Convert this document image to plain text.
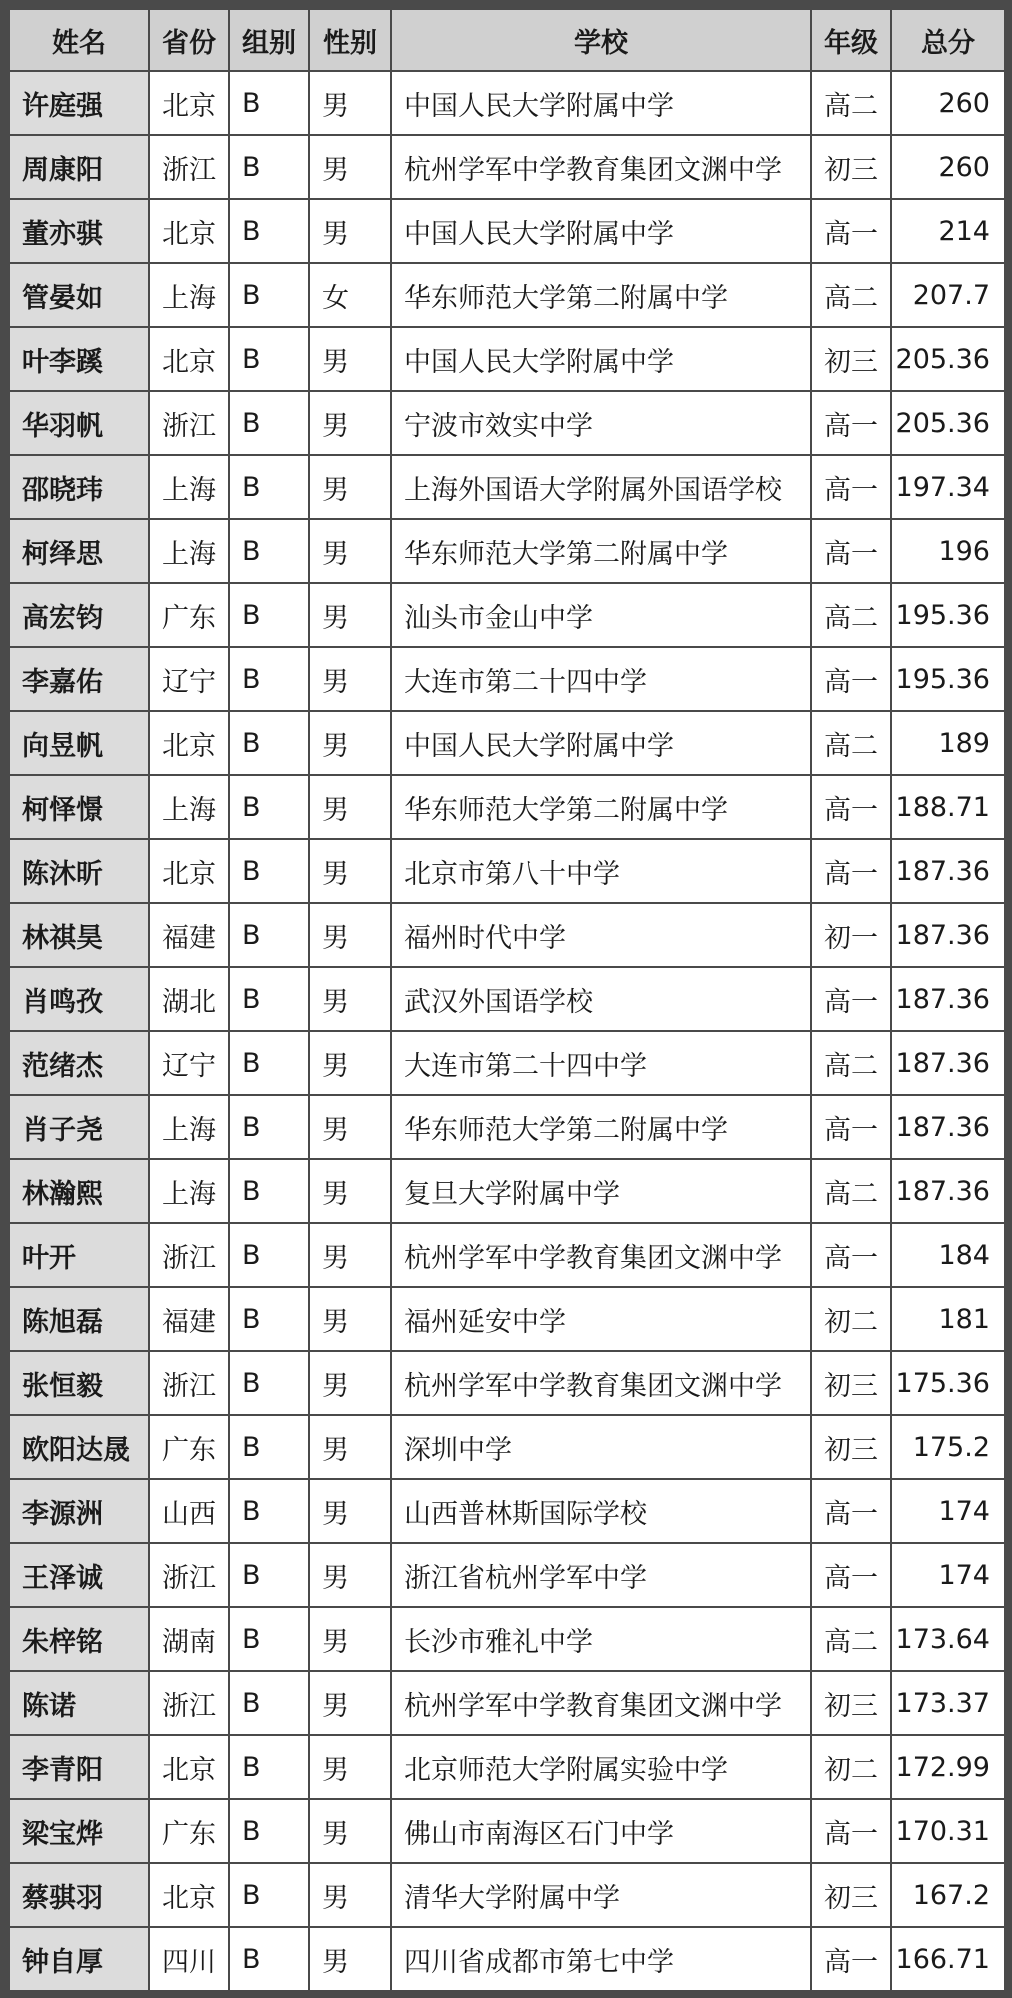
姓名	省份	组别	性别	学校	年级	总分
许庭强	北京	B	男	中国人民大学附属中学	高二	260
周康阳	浙江	B	男	杭州学军中学教育集团文渊中学	初三	260
董亦骐	北京	B	男	中国人民大学附属中学	高一	214
管晏如	上海	B	女	华东师范大学第二附属中学	高二	207.7
叶李蹊	北京	B	男	中国人民大学附属中学	初三	205.36
华羽帆	浙江	B	男	宁波市效实中学	高一	205.36
邵晓玮	上海	B	男	上海外国语大学附属外国语学校	高一	197.34
柯绎思	上海	B	男	华东师范大学第二附属中学	高一	196
高宏钧	广东	B	男	汕头市金山中学	高二	195.36
李嘉佑	辽宁	B	男	大连市第二十四中学	高一	195.36
向昱帆	北京	B	男	中国人民大学附属中学	高二	189
柯怿憬	上海	B	男	华东师范大学第二附属中学	高一	188.71
陈沐昕	北京	B	男	北京市第八十中学	高一	187.36
林祺昊	福建	B	男	福州时代中学	初一	187.36
肖鸣孜	湖北	B	男	武汉外国语学校	高一	187.36
范绪杰	辽宁	B	男	大连市第二十四中学	高二	187.36
肖子尧	上海	B	男	华东师范大学第二附属中学	高一	187.36
林瀚熙	上海	B	男	复旦大学附属中学	高二	187.36
叶开	浙江	B	男	杭州学军中学教育集团文渊中学	高一	184
陈旭磊	福建	B	男	福州延安中学	初二	181
张恒毅	浙江	B	男	杭州学军中学教育集团文渊中学	初三	175.36
欧阳达晟	广东	B	男	深圳中学	初三	175.2
李源洲	山西	B	男	山西普林斯国际学校	高一	174
王泽诚	浙江	B	男	浙江省杭州学军中学	高一	174
朱梓铭	湖南	B	男	长沙市雅礼中学	高二	173.64
陈诺	浙江	B	男	杭州学军中学教育集团文渊中学	初三	173.37
李青阳	北京	B	男	北京师范大学附属实验中学	初二	172.99
梁宝烨	广东	B	男	佛山市南海区石门中学	高一	170.31
蔡骐羽	北京	B	男	清华大学附属中学	初三	167.2
钟自厚	四川	B	男	四川省成都市第七中学	高一	166.71
